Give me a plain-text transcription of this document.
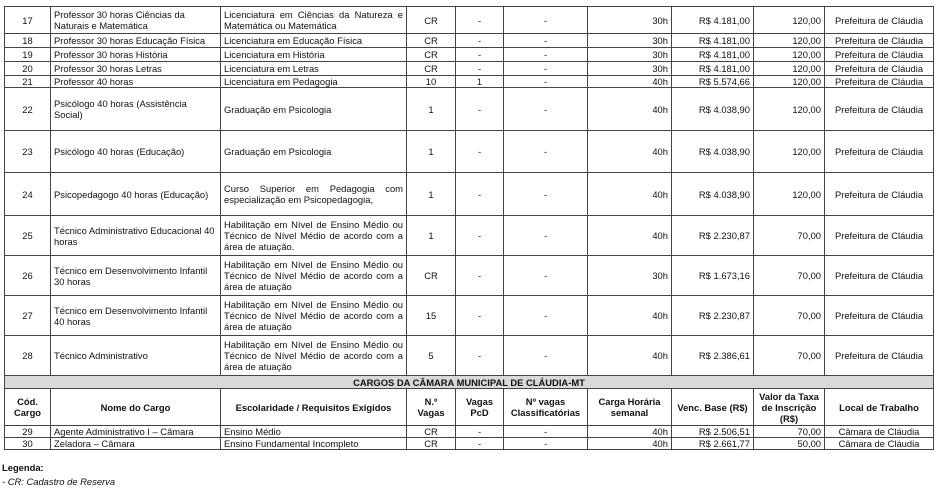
17	Professor 30 horas Ciências da Naturais e Matemática	Licenciatura em Ciências da Natureza e Matemática ou Matemática	CR	-	-	30h	R$ 4.181,00	120,00	Prefeitura de Cláudia
18	Professor 30 horas Educação Física	Licenciatura em Educação Física	CR	-	-	30h	R$ 4.181,00	120,00	Prefeitura de Cláudia
19	Professor 30 horas História	Licenciatura em História	CR	-	-	30h	R$ 4.181,00	120,00	Prefeitura de Cláudia
20	Professor 30 horas Letras	Licenciatura em Letras	CR	-	-	30h	R$ 4.181,00	120,00	Prefeitura de Cláudia
21	Professor 40 horas	Licenciatura em Pedagogia	10	1	-	40h	R$ 5.574,66	120,00	Prefeitura de Cláudia
22	Psicólogo 40 horas (Assistência Social)	Graduação em Psicologia	1	-	-	40h	R$ 4.038,90	120,00	Prefeitura de Cláudia
23	Psicólogo 40 horas (Educação)	Graduação em Psicologia	1	-	-	40h	R$ 4.038,90	120,00	Prefeitura de Cláudia
24	Psicopedagogo 40 horas (Educação)	Curso Superior em Pedagogia com especialização em Psicopedagogia,	1	-	-	40h	R$ 4.038,90	120,00	Prefeitura de Cláudia
25	Técnico Administrativo Educacional 40 horas	Habilitação em Nível de Ensino Médio ou Técnico de Nível Médio de acordo com a área de atuação.	1	-	-	40h	R$ 2.230,87	70,00	Prefeitura de Cláudia
26	Técnico em Desenvolvimento Infantil 30 horas	Habilitação em Nível de Ensino Médio ou Técnico de Nível Médio de acordo com a área de atuação	CR	-	-	30h	R$ 1.673,16	70,00	Prefeitura de Cláudia
27	Técnico em Desenvolvimento Infantil 40 horas	Habilitação em Nível de Ensino Médio ou Técnico de Nível Médio de acordo com a área de atuação	15	-	-	40h	R$ 2.230,87	70,00	Prefeitura de Cláudia
28	Técnico Administrativo	Habilitação em Nível de Ensino Médio ou Técnico de Nível Médio de acordo com a área de atuação	5	-	-	40h	R$ 2.386,61	70,00	Prefeitura de Cláudia
CARGOS DA CÂMARA MUNICIPAL DE CLÁUDIA-MT									
Cód. Cargo	Nome do Cargo	Escolaridade / Requisitos Exigidos	N.º Vagas	Vagas PcD	Nº vagas Classificatórias	Carga Horária semanal	Venc. Base (R$)	Valor da Taxa de Inscrição (R$)	Local de Trabalho
29	Agente Administrativo I – Câmara	Ensino Médio	CR	-	-	40h	R$ 2.506,51	70,00	Câmara de Cláudia
30	Zeladora – Câmara	Ensino Fundamental Incompleto	CR	-	-	40h	R$ 2.661,77	50,00	Câmara de Cláudia
Legenda:
- CR: Cadastro de Reserva
